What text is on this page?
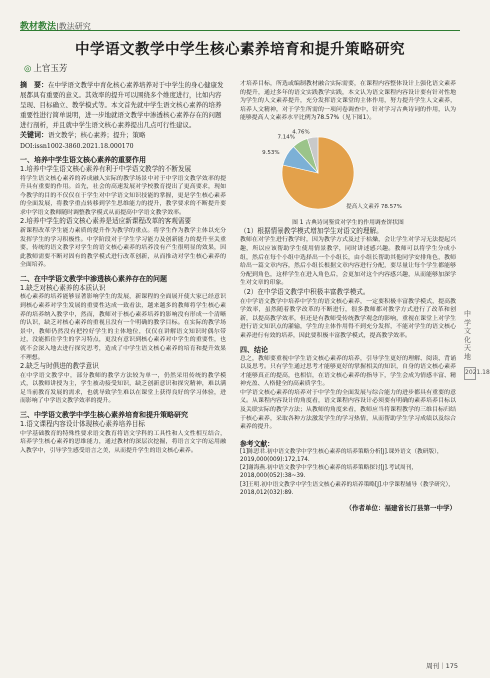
教材教法|教法研究
中学语文教学中学生核心素养培育和提升策略研究
◎ 上官玉芳
摘　要：在中学语文教学中育化核心素养培养对于中学生的身心健康发展都具有重要的意义。其效率的提升可以围绕多个维度进行，比如内容呈现、目标确立、教学模式等。本文首先就中学生语文核心素养的培养重要性进行简单说明，进一步地就语文教学中渗透核心素养存在的问题进行剖析，并且就中学生语文核心素养提出几点可行性建议。
关键词：语文教学；核心素养；提升；策略
DOI:issn1002-3860.2021.18.000170
一、培养中学生语文核心素养的重要作用
1.培养中学生语文核心素养有利于中学语文教学的不断发展

将学生语文核心素养的养成融入实际的教学场景中对于中学语文教学效率的提升具有重要的作用。首先，社会的高速发展对学校教育提出了更高要求，现如今教学的目的不仅仅在于学生对中学语文知识技能的掌握，更是学生核心素养的全面发展，将教学重点转移到学生思维能力的提升，教学要求的不断提升要求中学语文教师随时调整教学模式从而提高中学语文教学效率。

2.培养中学生的语文核心素养是适应新课程改革的客观需要

新课程改革学生能力素质的提升作为教学的重点。将学生作为教学主体以充分发挥学生的学习积极性。中学阶段对于学生学习能力及创新能力的提升至关重要，传统的语文教学对学生的语文核心素养的培养没有产生很明显的效果，因此教师需要不断对固有的教学模式进行改革创新，从而推动对学生核心素养的全面培养。

二、在中学语文教学中渗透核心素养存在的问题
1.缺乏对核心素养的本质认识

核心素养的培养能够显著影响学生的发展，新课程的全面展开使大家已经意识到核心素养对学生发展的重要性达成一致看法，越来越多的教师将学生核心素养的培养纳入教学中，然而，教师对于核心素养培养的影响没有形成一个清晰的认识，缺乏对核心素养的重视且没有一个明确的教学目标。在实际的教学场景中，教师仍然没有把控好学生的主体地位，仅仅在讲解语文知识时偶尔带过，没能抓住学生的学习特点，更没有意识到核心素养对中学生的重要性，也就不会深入地去进行探究思考，造成了中学生语文核心素养的培育和提升效果不理想。

2.缺乏与时俱进的教学意识

在中学语文教学中，部分教师的教学方法较为单一，仍然采用传统的教学模式，以教师讲授为主，学生被动接受知识，缺乏创新意识和探究精神，难以满足当前教育发展的需求，也就导致学生难以在课堂上获得良好的学习体验，进而影响了中学语文教学效率的提升。

三、中学语文教学中学生核心素养培育和提升策略研究
1.语文课程内容设计体现核心素养培养目标

中学基础教育的特殊性要求语文教育将语文学科的工具性和人文性相互结合，培养学生核心素养的思维能力，通过教材的深层次挖掘，将语言文字的运用融入教学中，引导学生感受语言之美，从而提升学生的语文核心素养。

才培养目标，所选或编制教材融合实际需要，在课程内容整体设计上强化语文素养的提升，通过多年的语文实践教学实践，本文认为语文课程内容设计要有针对性地为学生的人文素养提升，充分发挥语文课堂的主体作用，努力提升学生人文素养，培养人文精神，对于学生所需的一项问卷调查中，针对学习古典诗词的作用，认为能够提高人文素养水平比例为78.57%（见下图1）。

提高人文素养 78.57%
9.53%
7.14%
4.76%
图 1 古典诗词鉴赏对学生的作用调查饼状图
（1）根据情景教学模式增加学生对语文的理解。

教师在对学生进行教学时，因为教学方式及过于枯燥，会让学生对学习无法提起兴趣，所以应该帮助学生使用情景教学，同时讲述感兴趣。教师可以将学生分成小组，然后在每个小组中选择出一个小组长，由小组长帮助其他同学安排角色，教师给出一篇文章内容，然后小组长根据文章内容进行分配，要尽量让每个学生都能够分配到角色，这样学生在进入角色后，会更加对这个内容感兴趣，从而能够加深学生对文章的印象。

（2）在中学语文教学中积极丰富教学模式。

在中学语文教学中培养中学生的语文核心素养，一定要积极丰富教学模式，提高教学效率，虽然随着教学改革的不断进行，很多教师都对教学方式进行了改革和创新，以提高教学效率，但还是有教师受传统教学观念的影响，重视在课堂上对学生进行语文知识点的灌输，学生的主体作用得不到充分发挥，不能对学生的语文核心素养进行有效的培养，因此要积极丰富教学模式，提高教学效率。

四、结论

总之，教师要重视中学生语文核心素养的培养，引导学生更好的理解、阅读、背诵以及思考。只有学生通过思考才能够更好的掌握相关的知识，自身的语文核心素养才能够真正的提高，也相信，在语文核心素养的指导下，学生会成为情感丰富、精神充盈、人格健全的高素质学生。

中学语文核心素养的培养对于中学生的全面发展与综合能力的进步都具有重要的意义。从课程内容设计的角度看，语文课程内容设计必须要有明确的素养培养目标以及关联实际的教学方法；从教师的角度来看，教师应当将课程教学的三维目标归结于核心素养，采取各种方法激发学生的学习热情，从而帮助学生学习成绩以及综合素养的提升。

参考文献：
[1]陈思君.初中语文教学中学生核心素养的培养策略分析[J].课外语文（教研版），2019,000(009):172,174.
[2]谢海燕.初中语文教学中学生核心素养的培养策略探讨[J].考试周刊，2018,000(052):38~39.
[3]王明.初中语文教学中学生语文核心素养的培养策略[J].中学课程辅导（教学研究），2018,012(032):89.
（作者单位：福建省长汀县第一中学）
中学文化天地
2021.18
周刊｜175
